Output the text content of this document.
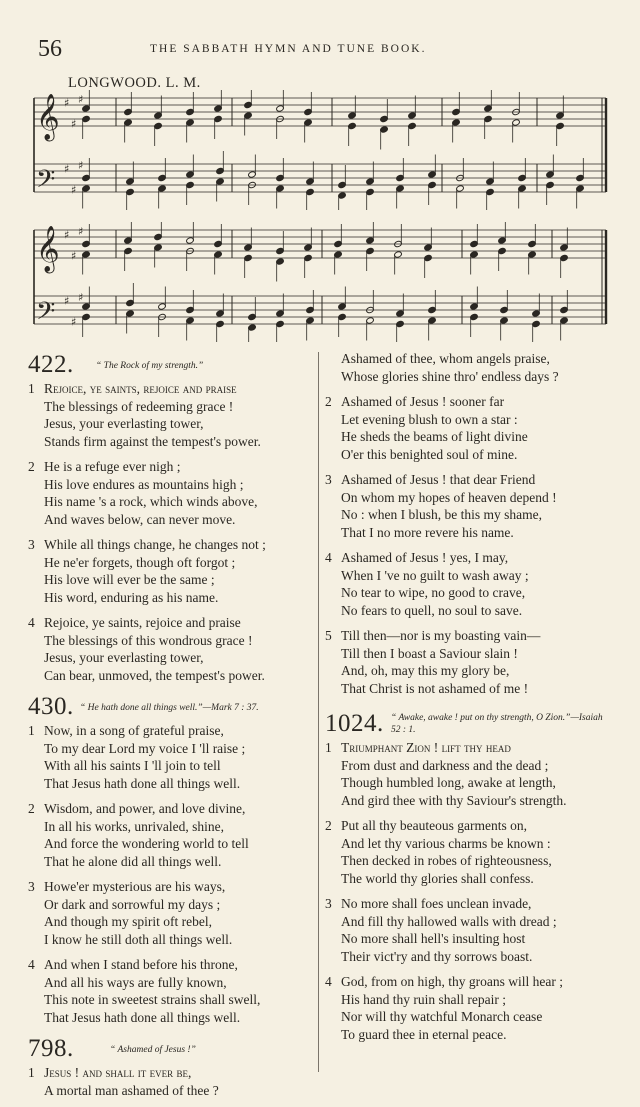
56	THE SABBATH HYMN AND TUNE BOOK.
LONGWOOD. L. M.
𝄞 ♯
♯
♯
𝄢 ♯
♯
♯
𝄞 ♯
♯
♯
𝄢 ♯
♯
♯
422. “ The Rock of my strength.”
1 Rejoice, ye saints, rejoice and praise
The blessings of redeeming grace !
Jesus, your everlasting tower,
Stands firm against the tempest's power.
2 He is a refuge ever nigh ;
His love endures as mountains high ;
His name 's a rock, which winds above,
And waves below, can never move.
3 While all things change, he changes not ;
He ne'er forgets, though oft forgot ;
His love will ever be the same ;
His word, enduring as his name.
4 Rejoice, ye saints, rejoice and praise
The blessings of this wondrous grace !
Jesus, your everlasting tower,
Can bear, unmoved, the tempest's power.
430. “ He hath done all things well.”—Mark 7 : 37.
1 Now, in a song of grateful praise,
To my dear Lord my voice I 'll raise ;
With all his saints I 'll join to tell
That Jesus hath done all things well.
2 Wisdom, and power, and love divine,
In all his works, unrivaled, shine,
And force the wondering world to tell
That he alone did all things well.
3 Howe'er mysterious are his ways,
Or dark and sorrowful my days ;
And though my spirit oft rebel,
I know he still doth all things well.
4 And when I stand before his throne,
And all his ways are fully known,
This note in sweetest strains shall swell,
That Jesus hath done all things well.
798.	“ Ashamed of Jesus !”
1 Jesus ! and shall it ever be,
A mortal man ashamed of thee ?
Ashamed of thee, whom angels praise,
Whose glories shine thro' endless days ?
2 Ashamed of Jesus ! sooner far
Let evening blush to own a star :
He sheds the beams of light divine
O'er this benighted soul of mine.
3 Ashamed of Jesus ! that dear Friend
On whom my hopes of heaven depend !
No : when I blush, be this my shame,
That I no more revere his name.
4 Ashamed of Jesus ! yes, I may,
When I 've no guilt to wash away ;
No tear to wipe, no good to crave,
No fears to quell, no soul to save.
5 Till then—nor is my boasting vain—
Till then I boast a Saviour slain !
And, oh, may this my glory be,
That Christ is not ashamed of me !
1024. “ Awake, awake ! put on thy strength, O Zion.”—Isaiah 52 : 1.
1 Triumphant Zion ! lift thy head
From dust and darkness and the dead ;
Though humbled long, awake at length,
And gird thee with thy Saviour's strength.
2 Put all thy beauteous garments on,
And let thy various charms be known :
Then decked in robes of righteousness,
The world thy glories shall confess.
3 No more shall foes unclean invade,
And fill thy hallowed walls with dread ;
No more shall hell's insulting host
Their vict'ry and thy sorrows boast.
4 God, from on high, thy groans will hear ;
His hand thy ruin shall repair ;
Nor will thy watchful Monarch cease
To guard thee in eternal peace.
